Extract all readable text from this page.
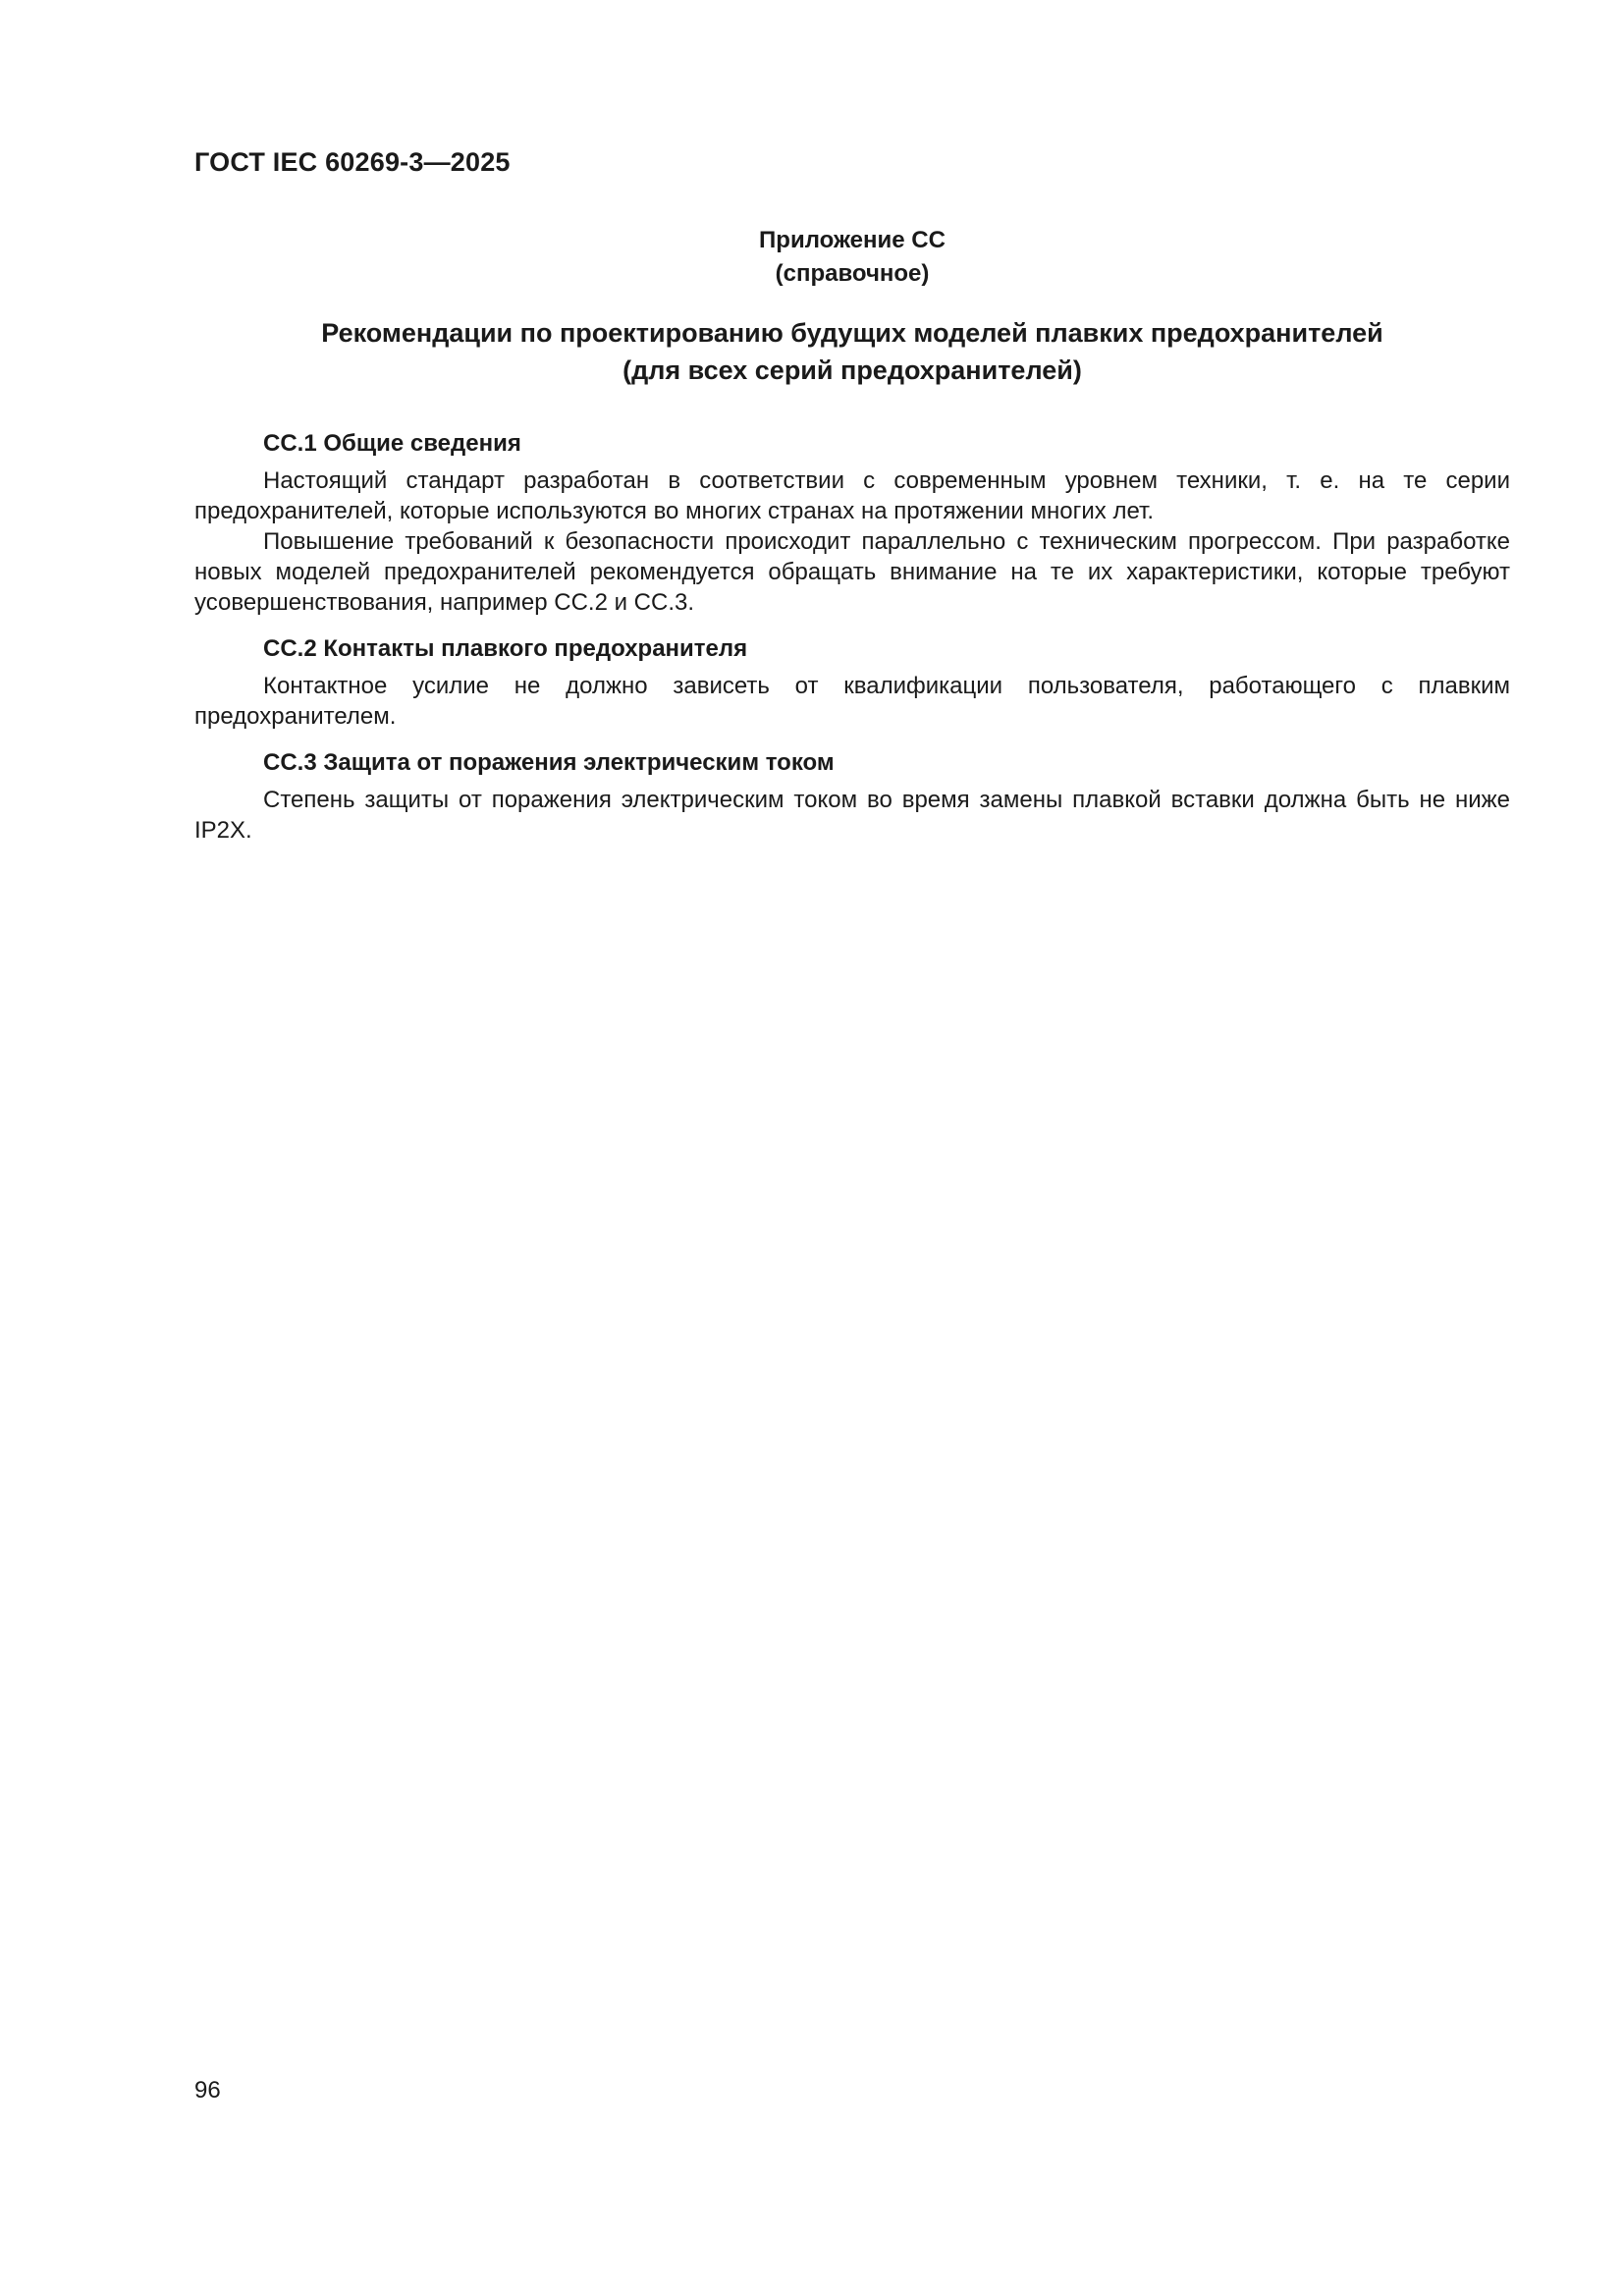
ГОСТ IEC 60269-3—2025

Приложение СС
(справочное)
Рекомендации по проектированию будущих моделей плавких предохранителей
(для всех серий предохранителей)
СС.1 Общие сведения

Настоящий стандарт разработан в соответствии с современным уровнем техники, т. е. на те серии предохранителей, которые используются во многих странах на протяжении многих лет.

Повышение требований к безопасности происходит параллельно с техническим прогрессом. При разработке новых моделей предохранителей рекомендуется обращать внимание на те их характеристики, которые требуют усовершенствования, например СС.2 и СС.3.

СС.2 Контакты плавкого предохранителя

Контактное усилие не должно зависеть от квалификации пользователя, работающего с плавким предохранителем.

СС.3 Защита от поражения электрическим током

Степень защиты от поражения электрическим током во время замены плавкой вставки должна быть не ниже IP2X.

96
